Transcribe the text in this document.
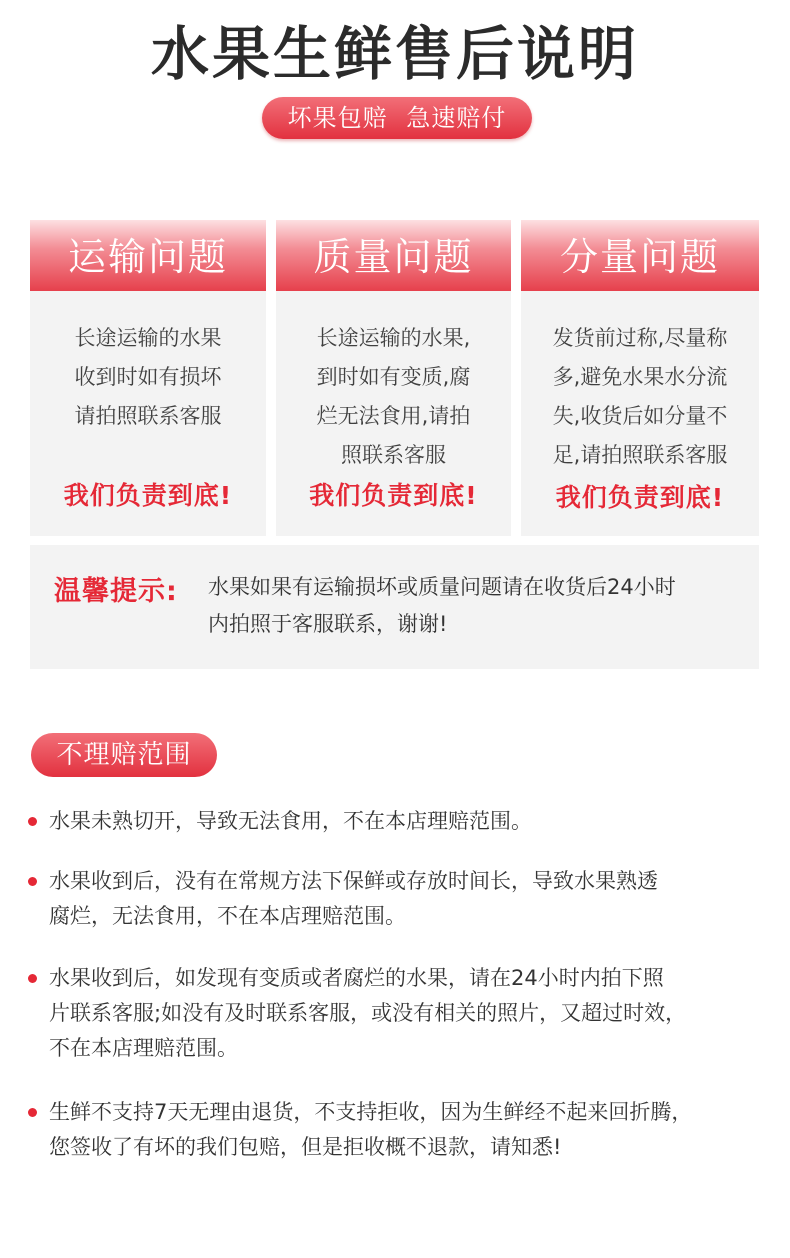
水果生鲜售后说明
坏果包赔 急速赔付
运输问题
长途运输的水果
收到时如有损坏
请拍照联系客服
我们负责到底!
质量问题
长途运输的水果,
到时如有变质,腐
烂无法食用,请拍
照联系客服
我们负责到底!
分量问题
发货前过称,尽量称
多,避免水果水分流
失,收货后如分量不
足,请拍照联系客服
我们负责到底!
温馨提示: 水果如果有运输损坏或质量问题请在收货后24小时
内拍照于客服联系，谢谢!
不理赔范围
水果未熟切开，导致无法食用，不在本店理赔范围。
水果收到后，没有在常规方法下保鲜或存放时间长，导致水果熟透
腐烂，无法食用，不在本店理赔范围。
水果收到后，如发现有变质或者腐烂的水果，请在24小时内拍下照
片联系客服;如没有及时联系客服，或没有相关的照片，又超过时效，
不在本店理赔范围。
生鲜不支持7天无理由退货，不支持拒收，因为生鲜经不起来回折腾，
您签收了有坏的我们包赔，但是拒收概不退款，请知悉!
